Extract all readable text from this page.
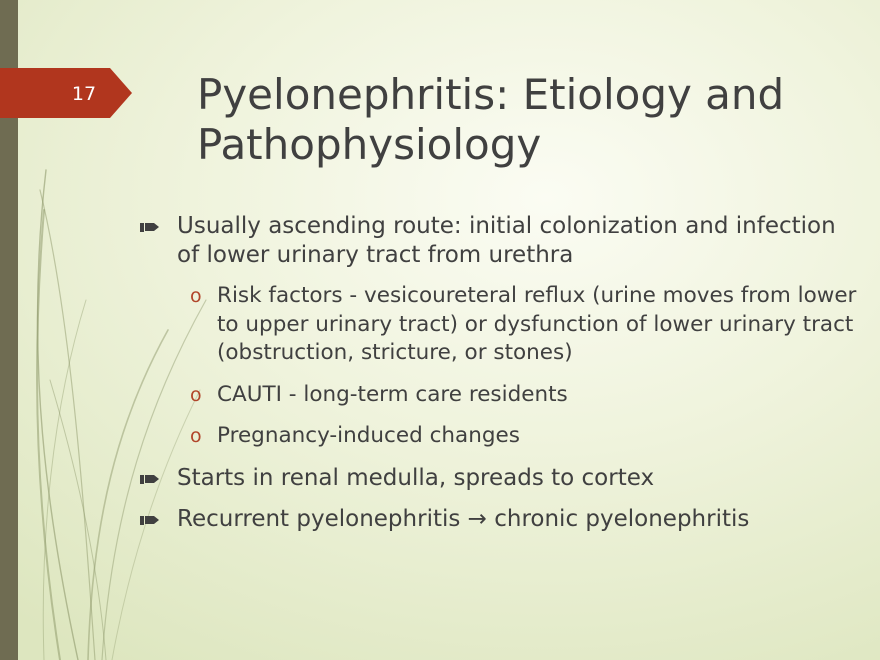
17 Pyelonephritis: Etiology and
Pathophysiology
Usually ascending route: initial colonization and infection of lower urinary tract from urethra
o Risk factors - vesicoureteral reflux (urine moves from lower to upper urinary tract) or dysfunction of lower urinary tract (obstruction, stricture, or stones)
o CAUTI - long-term care residents
o Pregnancy-induced changes
Starts in renal medulla, spreads to cortex
Recurrent pyelonephritis → chronic pyelonephritis
